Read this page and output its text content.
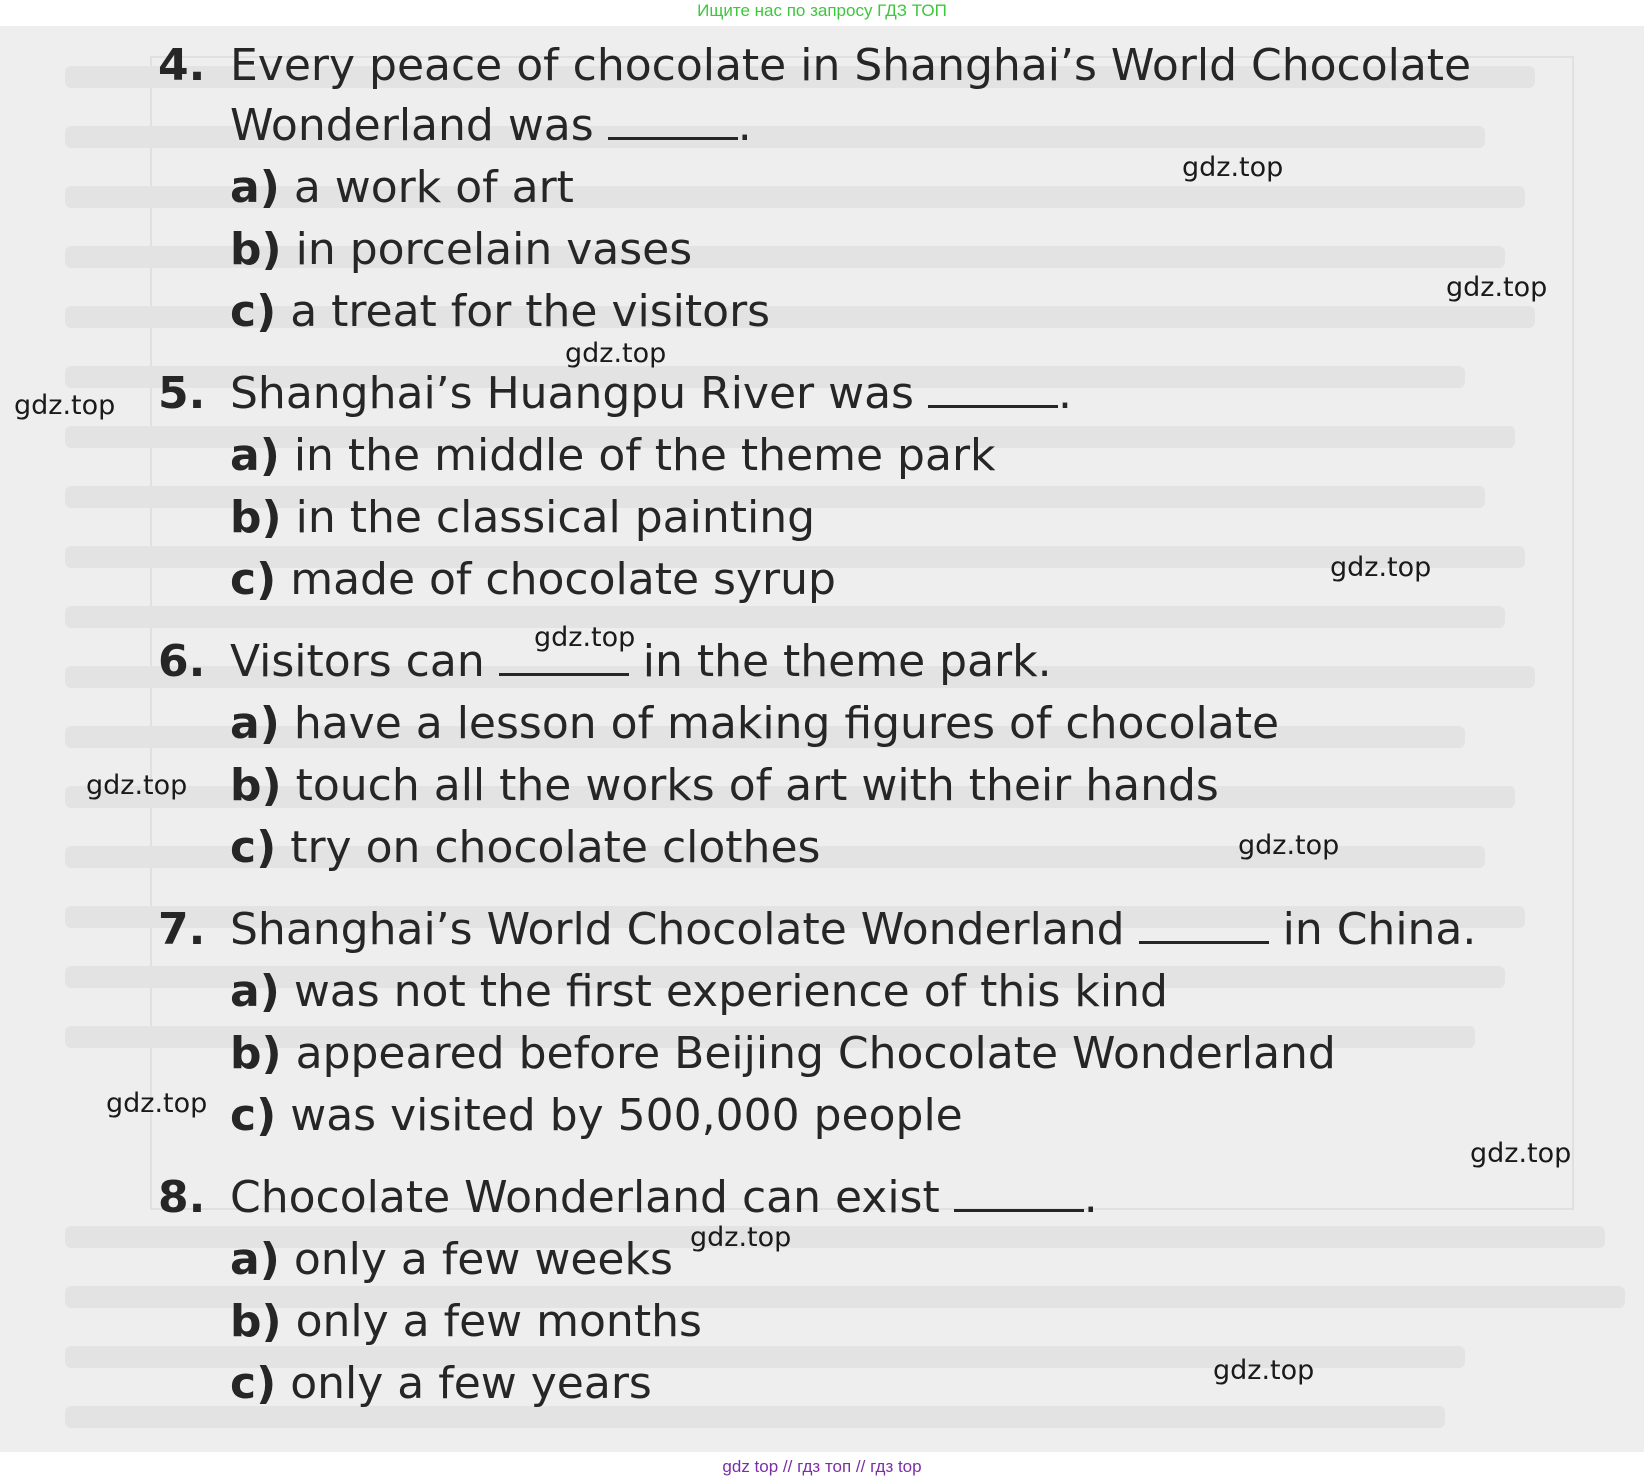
Ищите нас по запросу ГДЗ ТОП
4. Every peace of chocolate in Shanghai’s World Chocolate
Wonderland was	.
a) a work of art
b) in porcelain vases
c) a treat for the visitors
5. Shanghai’s Huangpu River was	.
a) in the middle of the theme park
b) in the classical painting
c) made of chocolate syrup
6. Visitors can	in the theme park.
a) have a lesson of making figures of chocolate
b) touch all the works of art with their hands
c) try on chocolate clothes
7. Shanghai’s World Chocolate Wonderland	in China.
a) was not the first experience of this kind
b) appeared before Beijing Chocolate Wonderland
c) was visited by 500,000 people
8. Chocolate Wonderland can exist	.
a) only a few weeks
b) only a few months
c) only a few years
gdz.top
gdz.top
gdz.top
gdz.top
gdz.top
gdz.top
gdz.top
gdz.top
gdz.top
gdz.top
gdz.top
gdz.top
gdz top // гдз топ // гдз top
